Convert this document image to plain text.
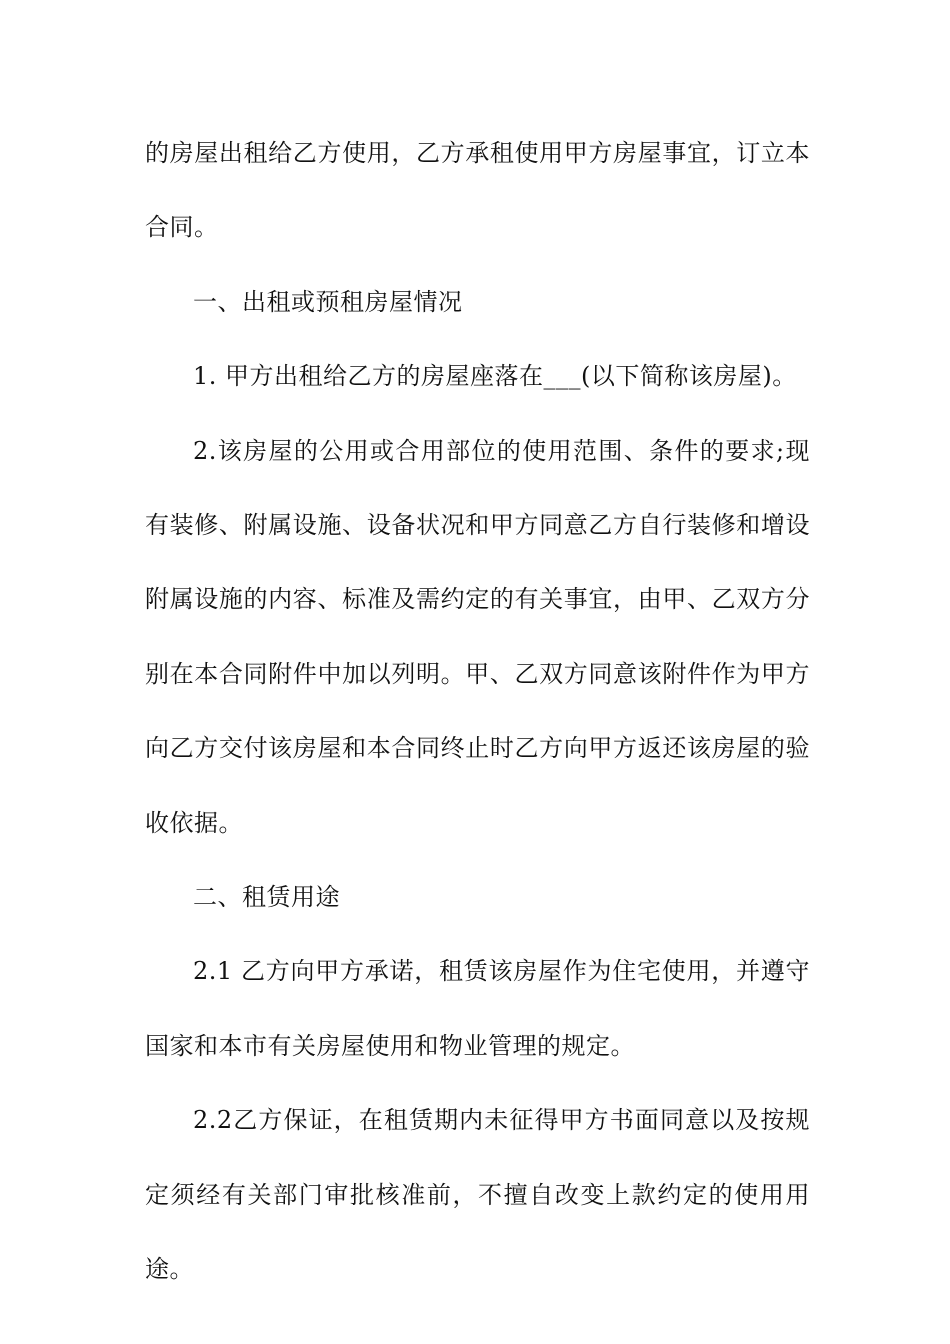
的房屋出租给乙方使用，乙方承租使用甲方房屋事宜，订立本合同。

一、出租或预租房屋情况

1. 甲方出租给乙方的房屋座落在___(以下简称该房屋)。

2.该房屋的公用或合用部位的使用范围、条件的要求;现有装修、附属设施、设备状况和甲方同意乙方自行装修和增设附属设施的内容、标准及需约定的有关事宜，由甲、乙双方分别在本合同附件中加以列明。甲、乙双方同意该附件作为甲方向乙方交付该房屋和本合同终止时乙方向甲方返还该房屋的验收依据。

二、租赁用途

2.1 乙方向甲方承诺，租赁该房屋作为住宅使用，并遵守国家和本市有关房屋使用和物业管理的规定。

2.2乙方保证，在租赁期内未征得甲方书面同意以及按规定须经有关部门审批核准前，不擅自改变上款约定的使用用途。
